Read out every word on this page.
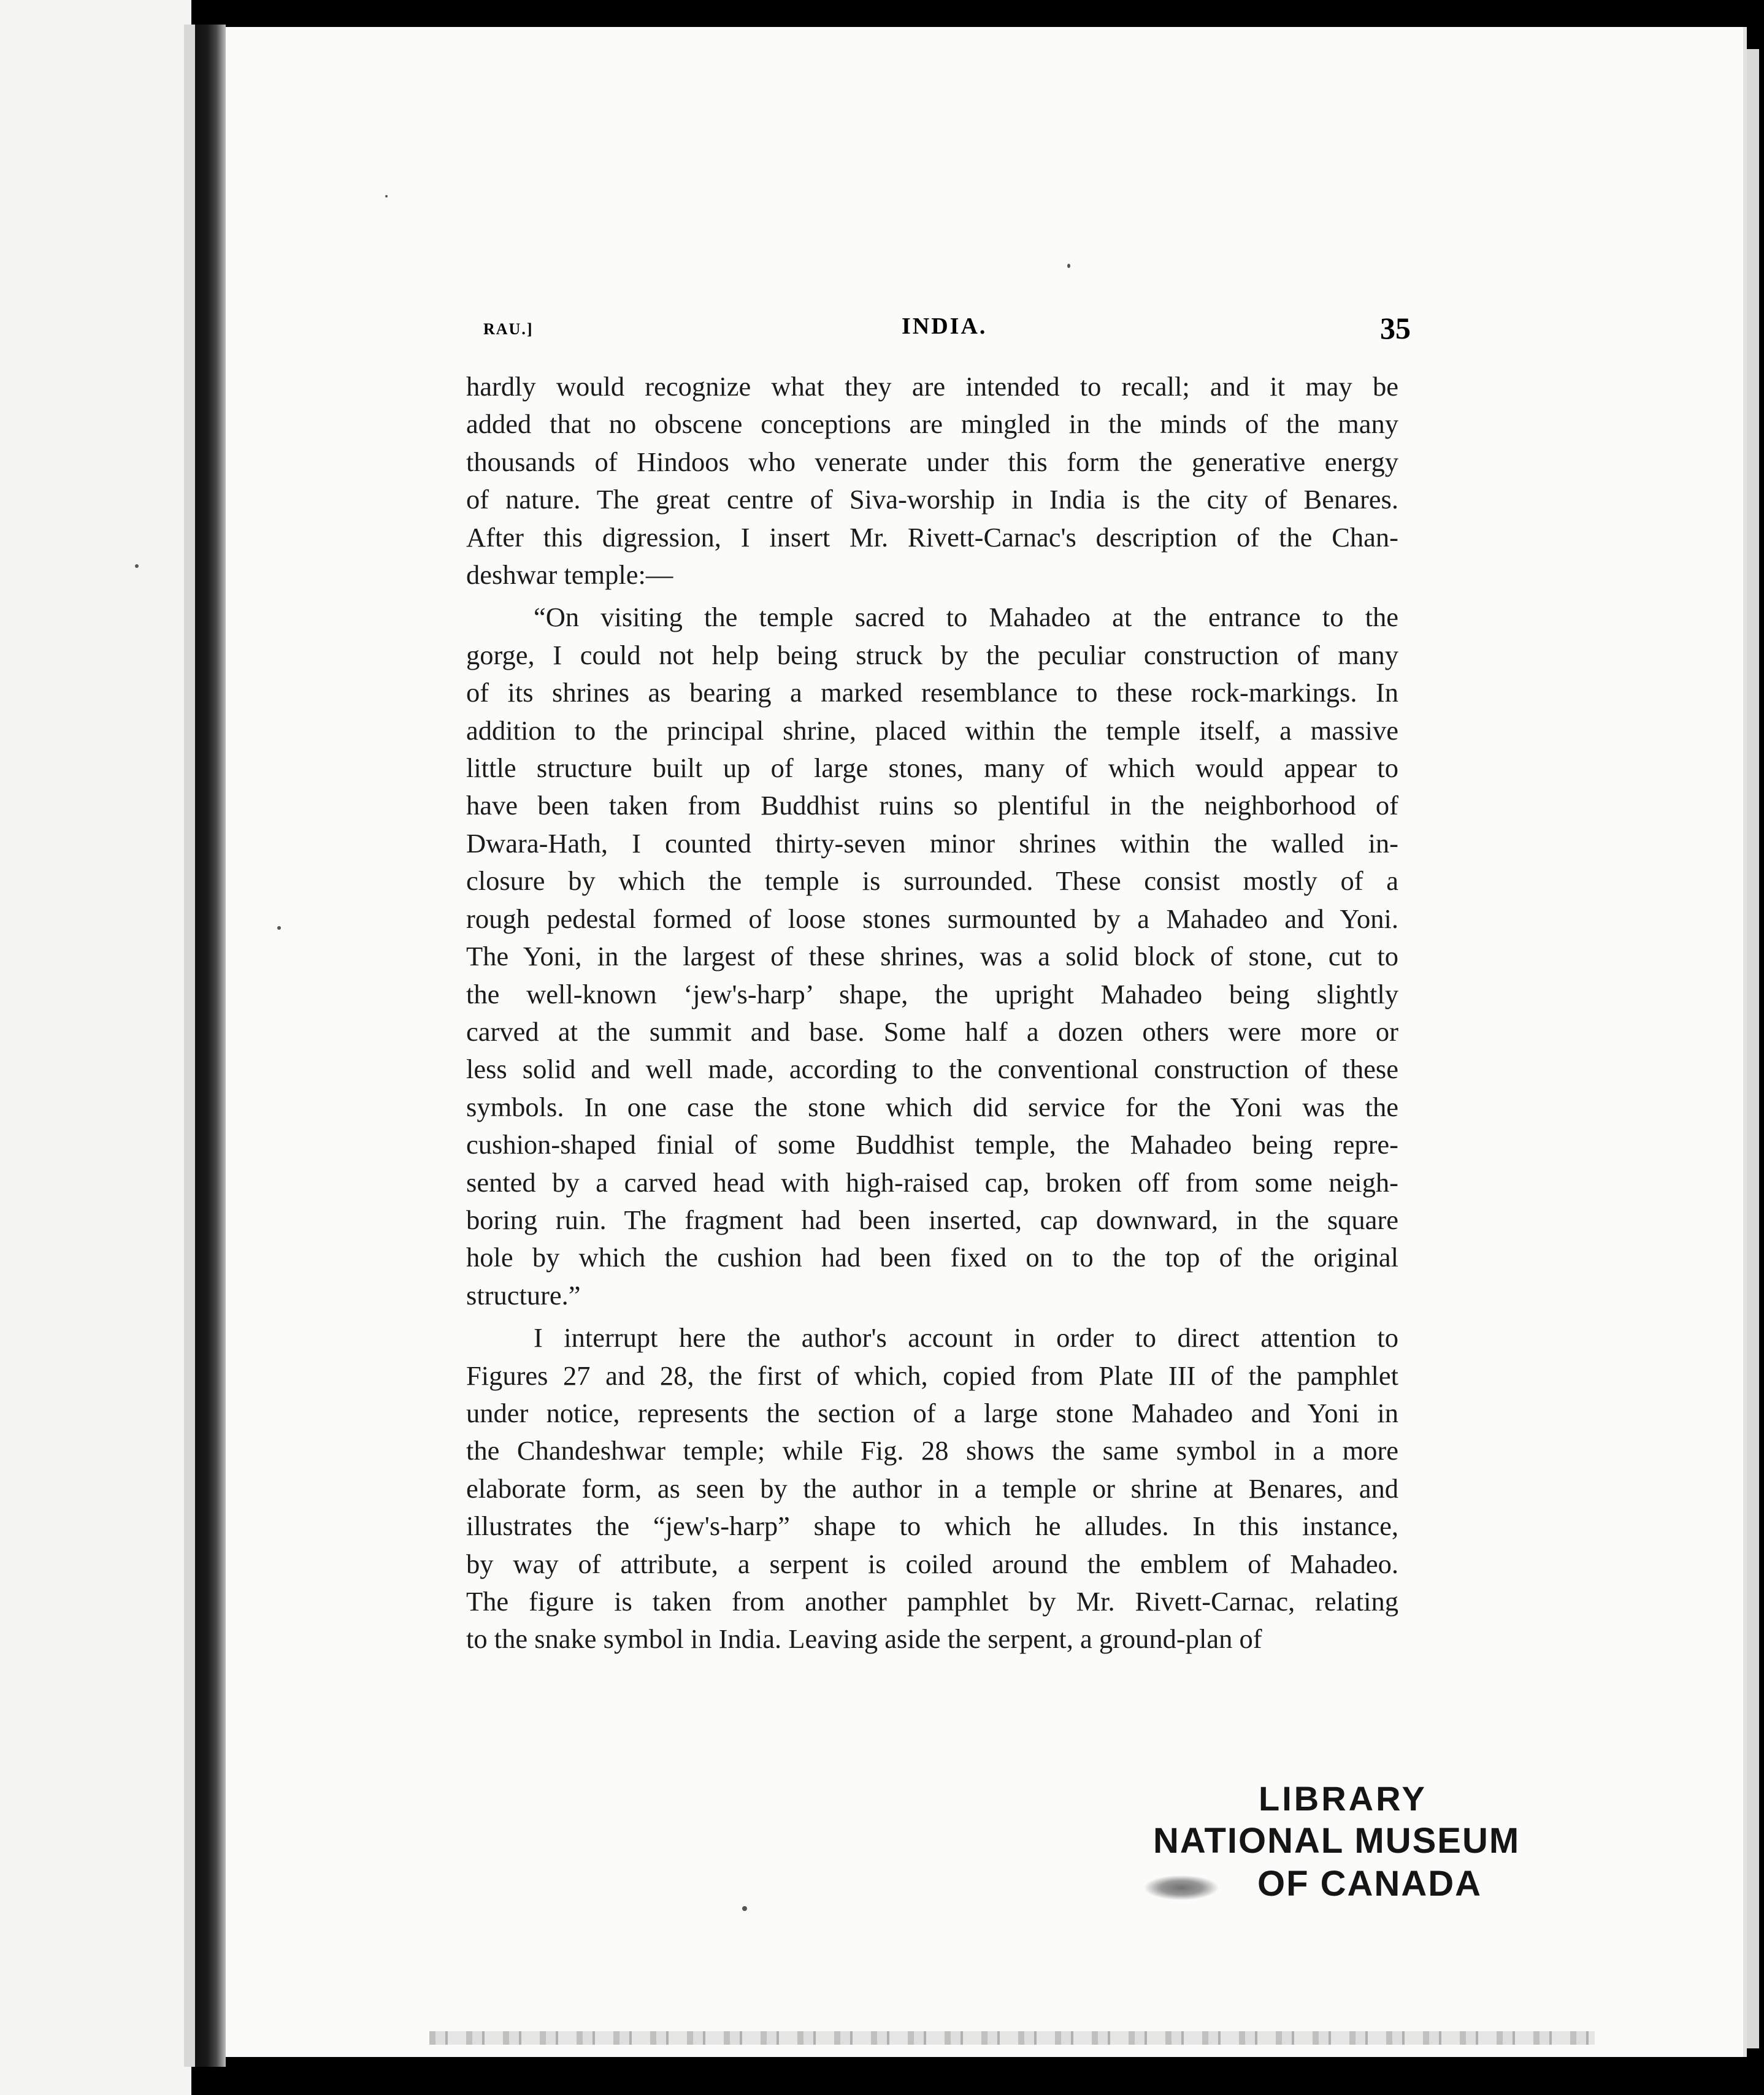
RAU.]	INDIA.	35
hardly would recognize what they are intended to recall; and it may be
added that no obscene conceptions are mingled in the minds of the many
thousands of Hindoos who venerate under this form the generative energy
of nature. The great centre of Siva-worship in India is the city of Benares.
After this digression, I insert Mr. Rivett-Carnac's description of the Chan-
deshwar temple:—
“On visiting the temple sacred to Mahadeo at the entrance to the
gorge, I could not help being struck by the peculiar construction of many
of its shrines as bearing a marked resemblance to these rock-markings. In
addition to the principal shrine, placed within the temple itself, a massive
little structure built up of large stones, many of which would appear to
have been taken from Buddhist ruins so plentiful in the neighborhood of
Dwara-Hath, I counted thirty-seven minor shrines within the walled in-
closure by which the temple is surrounded. These consist mostly of a
rough pedestal formed of loose stones surmounted by a Mahadeo and Yoni.
The Yoni, in the largest of these shrines, was a solid block of stone, cut to
the well-known ‘jew's-harp’ shape, the upright Mahadeo being slightly
carved at the summit and base. Some half a dozen others were more or
less solid and well made, according to the conventional construction of these
symbols. In one case the stone which did service for the Yoni was the
cushion-shaped finial of some Buddhist temple, the Mahadeo being repre-
sented by a carved head with high-raised cap, broken off from some neigh-
boring ruin. The fragment had been inserted, cap downward, in the square
hole by which the cushion had been fixed on to the top of the original
structure.”
I interrupt here the author's account in order to direct attention to
Figures 27 and 28, the first of which, copied from Plate III of the pamphlet
under notice, represents the section of a large stone Mahadeo and Yoni in
the Chandeshwar temple; while Fig. 28 shows the same symbol in a more
elaborate form, as seen by the author in a temple or shrine at Benares, and
illustrates the “jew's-harp” shape to which he alludes. In this instance,
by way of attribute, a serpent is coiled around the emblem of Mahadeo.
The figure is taken from another pamphlet by Mr. Rivett-Carnac, relating
to the snake symbol in India. Leaving aside the serpent, a ground-plan of
LIBRARY
NATIONAL MUSEUM
OF CANADA
